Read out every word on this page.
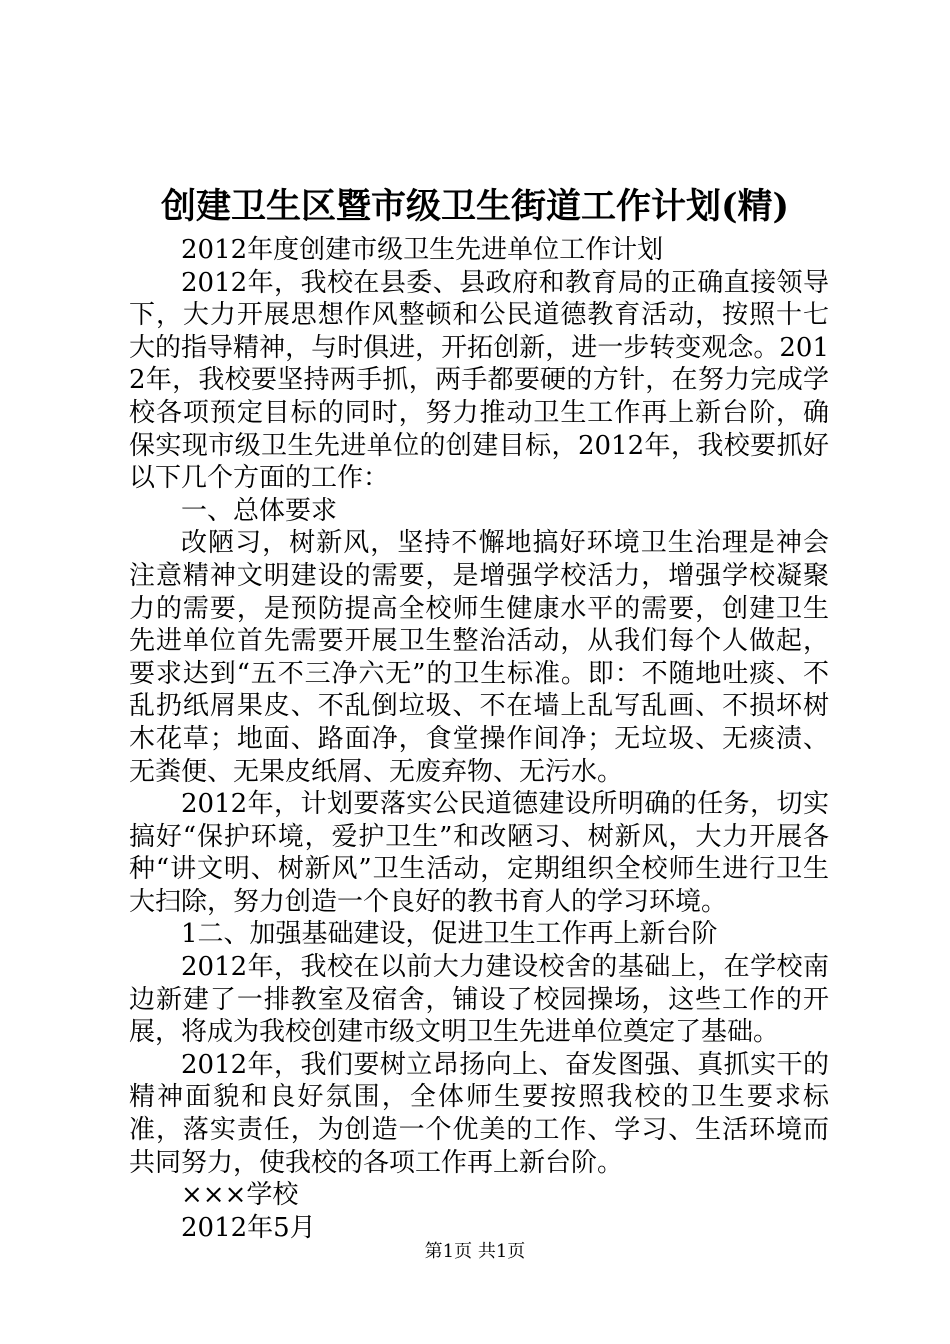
创建卫生区暨市级卫生街道工作计划(精)

2012年度创建市级卫生先进单位工作计划

2012年，我校在县委、县政府和教育局的正确直接领导下，大力开展思想作风整顿和公民道德教育活动，按照十七大的指导精神，与时俱进，开拓创新，进一步转变观念。2012年，我校要坚持两手抓，两手都要硬的方针，在努力完成学校各项预定目标的同时，努力推动卫生工作再上新台阶，确保实现市级卫生先进单位的创建目标，2012年，我校要抓好以下几个方面的工作：

一、总体要求

改陋习，树新风，坚持不懈地搞好环境卫生治理是神会注意精神文明建设的需要，是增强学校活力，增强学校凝聚力的需要，是预防提高全校师生健康水平的需要，创建卫生先进单位首先需要开展卫生整治活动，从我们每个人做起，要求达到“五不三净六无”的卫生标准。即：不随地吐痰、不乱扔纸屑果皮、不乱倒垃圾、不在墙上乱写乱画、不损坏树木花草；地面、路面净，食堂操作间净；无垃圾、无痰渍、无粪便、无果皮纸屑、无废弃物、无污水。

2012年，计划要落实公民道德建设所明确的任务，切实搞好“保护环境，爱护卫生”和改陋习、树新风，大力开展各种“讲文明、树新风”卫生活动，定期组织全校师生进行卫生大扫除，努力创造一个良好的教书育人的学习环境。

1二、加强基础建设，促进卫生工作再上新台阶

2012年，我校在以前大力建设校舍的基础上，在学校南边新建了一排教室及宿舍，铺设了校园操场，这些工作的开展，将成为我校创建市级文明卫生先进单位奠定了基础。

2012年，我们要树立昂扬向上、奋发图强、真抓实干的精神面貌和良好氛围，全体师生要按照我校的卫生要求标准，落实责任，为创造一个优美的工作、学习、生活环境而共同努力，使我校的各项工作再上新台阶。

×××学校

2012年5月

第1页 共1页
